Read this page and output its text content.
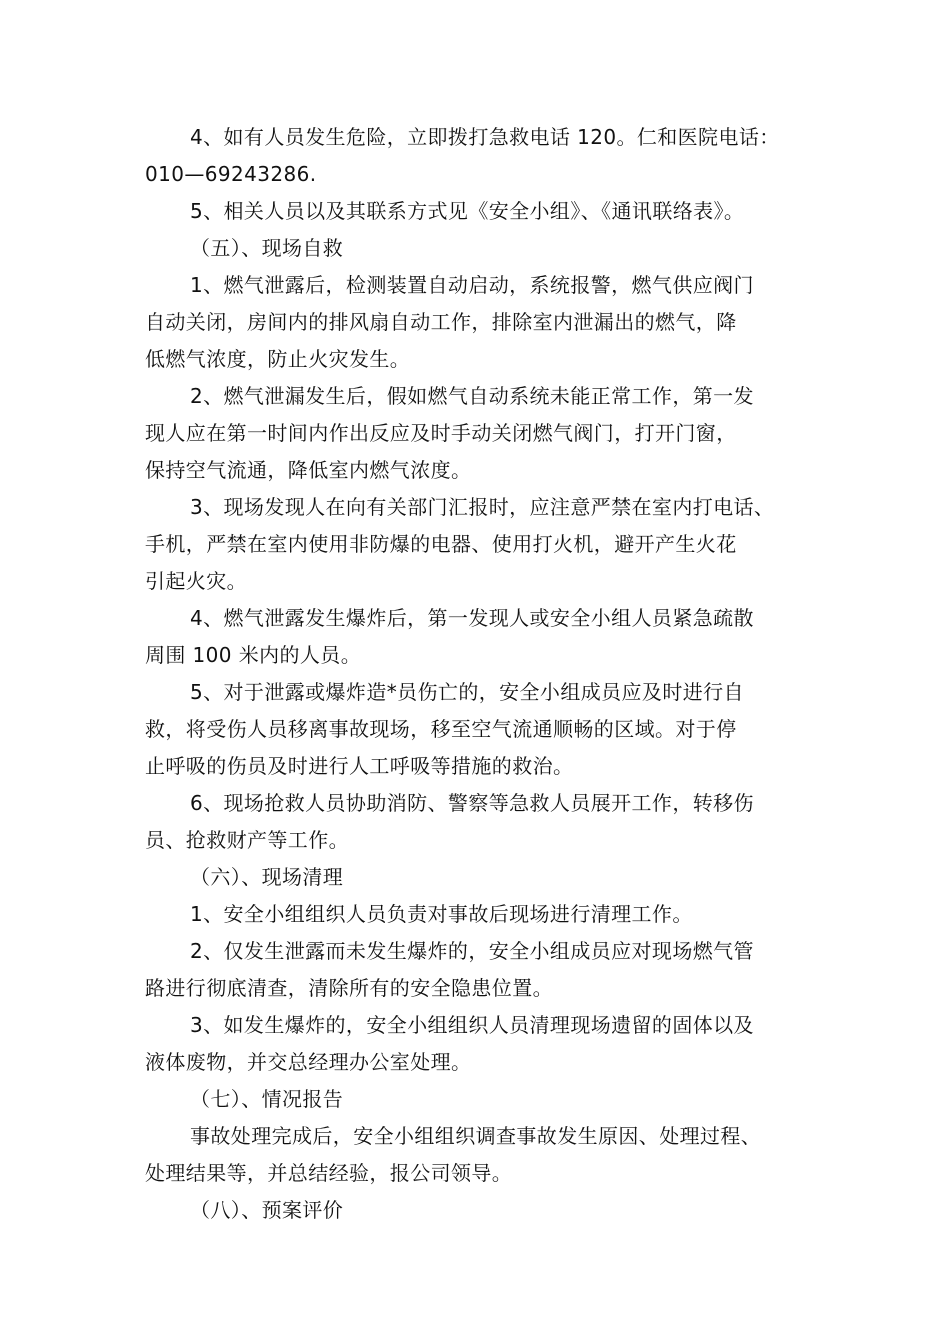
4、如有人员发生危险，立即拨打急救电话 120。仁和医院电话：

010—69243286.

5、相关人员以及其联系方式见《安全小组》、《通讯联络表》。

（五）、现场自救

1、燃气泄露后，检测装置自动启动，系统报警，燃气供应阀门

自动关闭，房间内的排风扇自动工作，排除室内泄漏出的燃气，降

低燃气浓度，防止火灾发生。

2、燃气泄漏发生后，假如燃气自动系统未能正常工作，第一发

现人应在第一时间内作出反应及时手动关闭燃气阀门，打开门窗，

保持空气流通，降低室内燃气浓度。

3、现场发现人在向有关部门汇报时，应注意严禁在室内打电话、

手机，严禁在室内使用非防爆的电器、使用打火机，避开产生火花

引起火灾。

4、燃气泄露发生爆炸后，第一发现人或安全小组人员紧急疏散

周围 100 米内的人员。

5、对于泄露或爆炸造*员伤亡的，安全小组成员应及时进行自

救，将受伤人员移离事故现场，移至空气流通顺畅的区域。对于停

止呼吸的伤员及时进行人工呼吸等措施的救治。

6、现场抢救人员协助消防、警察等急救人员展开工作，转移伤

员、抢救财产等工作。

（六）、现场清理

1、安全小组组织人员负责对事故后现场进行清理工作。

2、仅发生泄露而未发生爆炸的，安全小组成员应对现场燃气管

路进行彻底清查，清除所有的安全隐患位置。

3、如发生爆炸的，安全小组组织人员清理现场遗留的固体以及

液体废物，并交总经理办公室处理。

（七）、情况报告

事故处理完成后，安全小组组织调查事故发生原因、处理过程、

处理结果等，并总结经验，报公司领导。

（八）、预案评价
